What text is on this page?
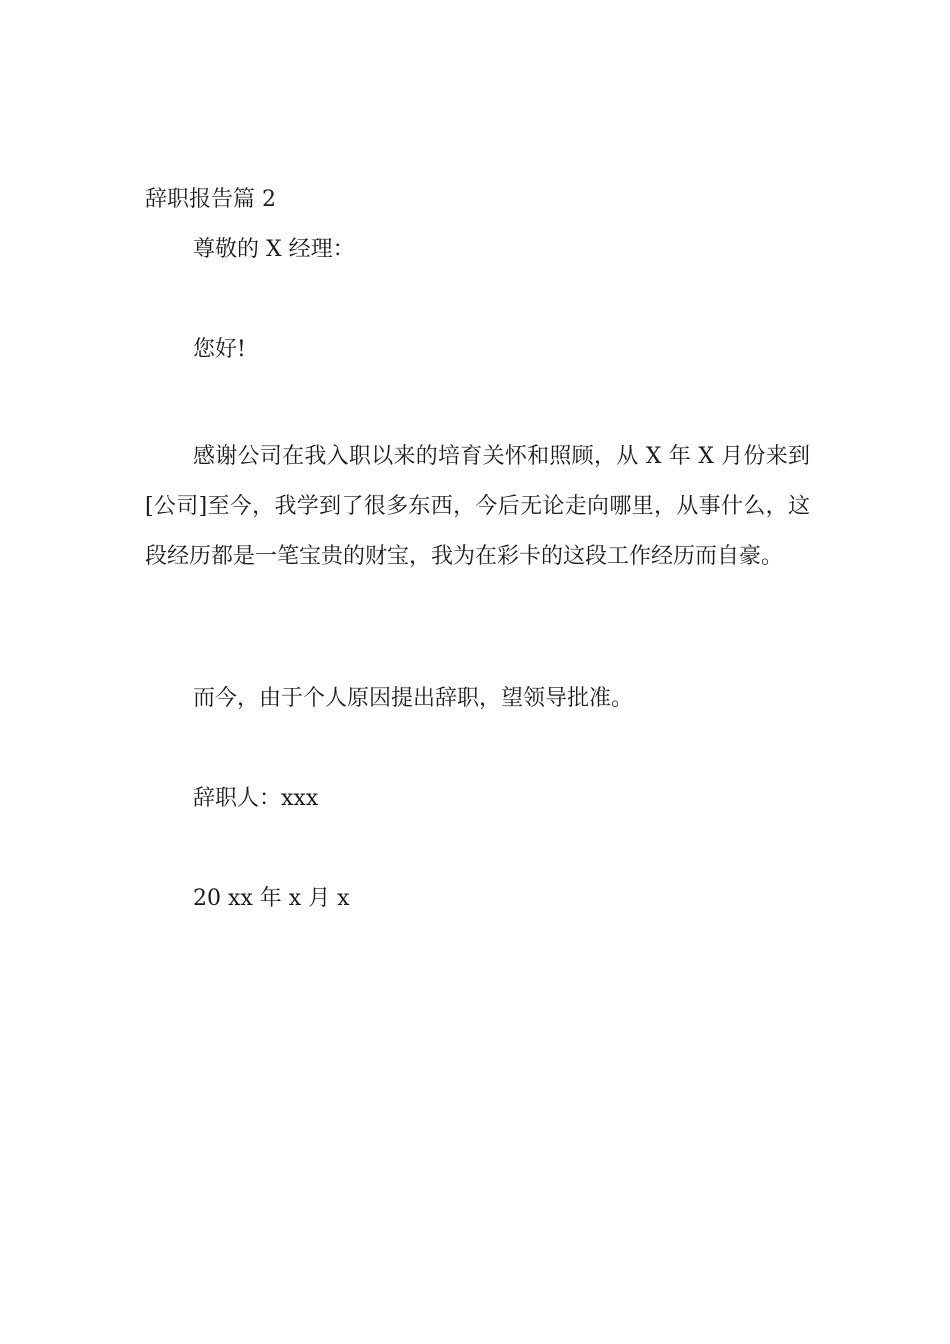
辞职报告篇 2
尊敬的 X 经理：
您好!
感谢公司在我入职以来的培育关怀和照顾，从 X 年 X 月份来到[公司]至今，我学到了很多东西，今后无论走向哪里，从事什么，这段经历都是一笔宝贵的财宝，我为在彩卡的这段工作经历而自豪。
而今，由于个人原因提出辞职，望领导批准。
辞职人：xxx
20 xx 年 x 月 x
